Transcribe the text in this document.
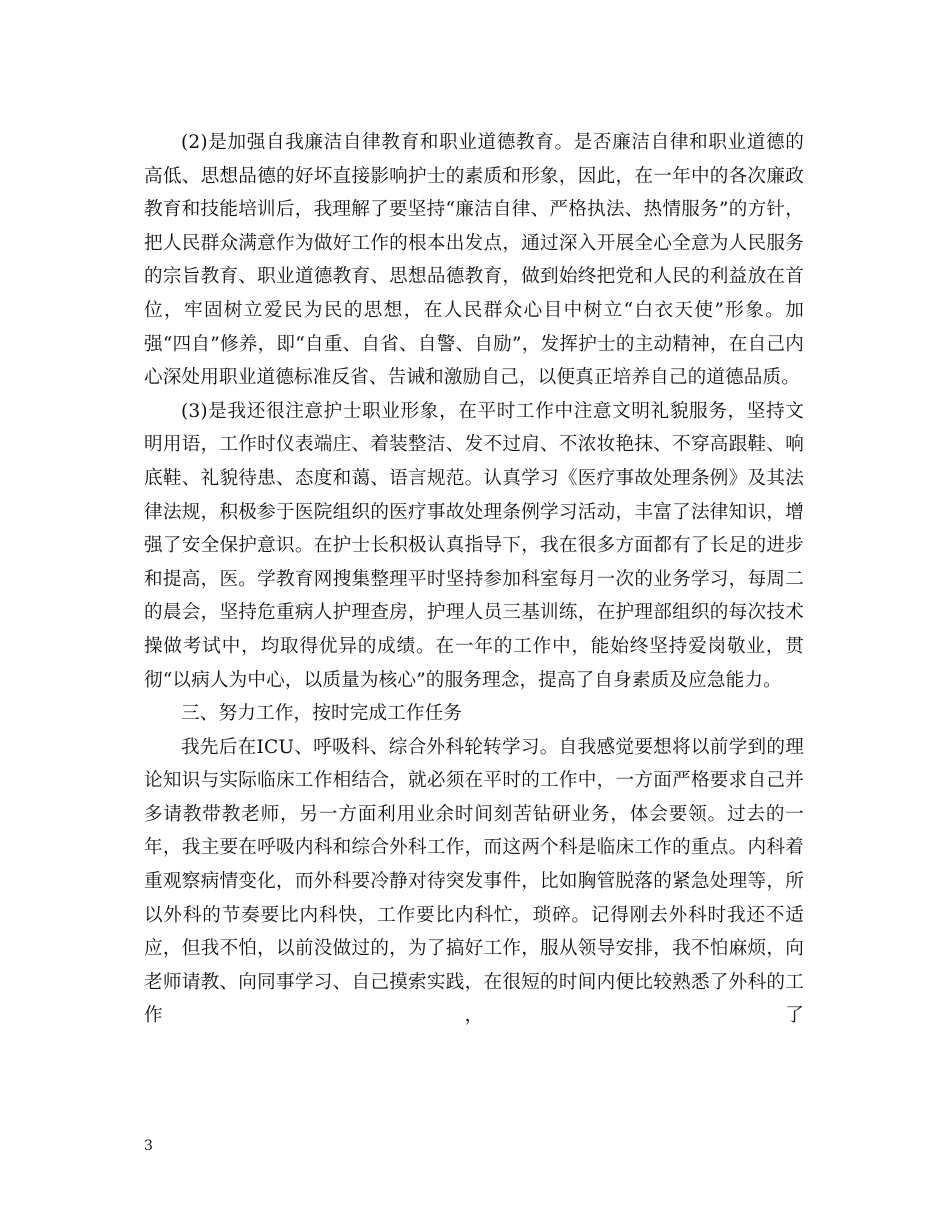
(2)是加强自我廉洁自律教育和职业道德教育。是否廉洁自律和职业道德的高低、思想品德的好坏直接影响护士的素质和形象，因此，在一年中的各次廉政教育和技能培训后，我理解了要坚持“廉洁自律、严格执法、热情服务”的方针，把人民群众满意作为做好工作的根本出发点，通过深入开展全心全意为人民服务的宗旨教育、职业道德教育、思想品德教育，做到始终把党和人民的利益放在首位，牢固树立爱民为民的思想，在人民群众心目中树立“白衣天使”形象。加强“四自”修养，即“自重、自省、自警、自励”，发挥护士的主动精神，在自己内心深处用职业道德标准反省、告诫和激励自己，以便真正培养自己的道德品质。

(3)是我还很注意护士职业形象，在平时工作中注意文明礼貌服务，坚持文明用语，工作时仪表端庄、着装整洁、发不过肩、不浓妆艳抹、不穿高跟鞋、响底鞋、礼貌待患、态度和蔼、语言规范。认真学习《医疗事故处理条例》及其法律法规，积极参于医院组织的医疗事故处理条例学习活动，丰富了法律知识，增强了安全保护意识。在护士长积极认真指导下，我在很多方面都有了长足的进步和提高，医。学教育网搜集整理平时坚持参加科室每月一次的业务学习，每周二的晨会，坚持危重病人护理查房，护理人员三基训练，在护理部组织的每次技术操做考试中，均取得优异的成绩。在一年的工作中，能始终坚持爱岗敬业，贯彻“以病人为中心，以质量为核心”的服务理念，提高了自身素质及应急能力。

三、努力工作，按时完成工作任务

我先后在ICU、呼吸科、综合外科轮转学习。自我感觉要想将以前学到的理论知识与实际临床工作相结合，就必须在平时的工作中，一方面严格要求自己并多请教带教老师，另一方面利用业余时间刻苦钻研业务，体会要领。过去的一年，我主要在呼吸内科和综合外科工作，而这两个科是临床工作的重点。内科着重观察病情变化，而外科要冷静对待突发事件，比如胸管脱落的紧急处理等，所以外科的节奏要比内科快，工作要比内科忙，琐碎。记得刚去外科时我还不适应，但我不怕，以前没做过的，为了搞好工作，服从领导安排，我不怕麻烦，向老师请教、向同事学习、自己摸索实践，在很短的时间内便比较熟悉了外科的工作，了

3
